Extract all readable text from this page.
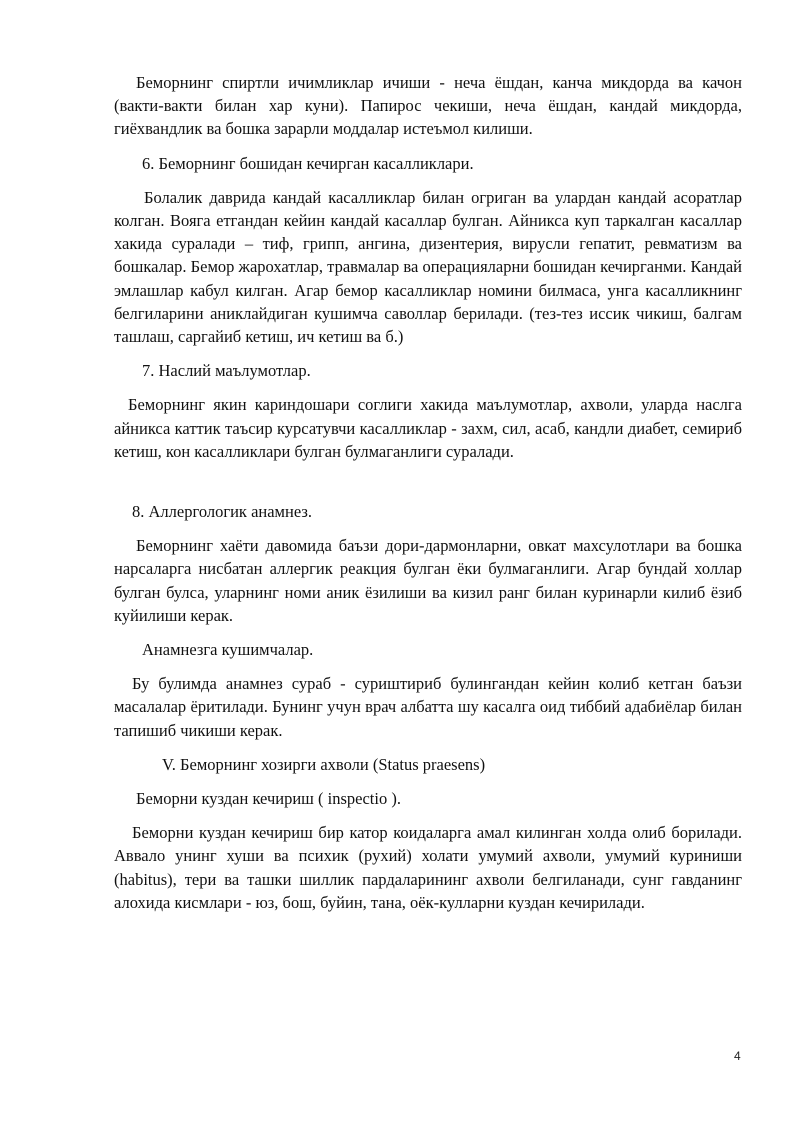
Беморнинг спиртли ичимликлар ичиши - неча ёшдан, канча микдорда ва качон (вакти-вакти билан хар куни). Папирос чекиши, неча ёшдан, кандай микдорда, гиёхвандлик ва бошка зарарли моддалар истеъмол килиши.

6. Беморнинг бошидан кечирган касалликлари.

Болалик даврида кандай касалликлар билан огриган ва улардан кандай асоратлар колган. Вояга етгандан кейин кандай касаллар булган. Айникса куп таркалган касаллар хакида суралади – тиф, грипп, ангина, дизентерия, вирусли гепатит, ревматизм ва бошкалар. Бемор жарохатлар, травмалар ва операцияларни бошидан кечирганми. Кандай эмлашлар кабул килган. Агар бемор касалликлар номини билмаса, унга касалликнинг белгиларини аниклайдиган кушимча саволлар берилади. (тез-тез иссик чикиш, балгам ташлаш, саргайиб кетиш, ич кетиш ва б.)

7. Наслий маълумотлар.

Беморнинг якин кариндошари соглиги хакида маълумотлар, ахволи, уларда наслга айникса каттик таъсир курсатувчи касалликлар - захм, сил, асаб, кандли диабет, семириб кетиш, кон касалликлари булган булмаганлиги суралади.

8. Аллергологик анамнез.

Беморнинг хаёти давомида баъзи дори-дармонларни, овкат махсулотлари ва бошка нарсаларга нисбатан аллергик реакция булган ёки булмаганлиги. Агар бундай холлар булган булса, уларнинг номи аник ёзилиши ва кизил ранг билан куринарли килиб ёзиб куйилиши керак.

Анамнезга кушимчалар.

Бу булимда анамнез сураб - суриштириб булингандан кейин колиб кетган баъзи масалалар ёритилади. Бунинг учун врач албатта шу касалга оид тиббий адабиёлар билан тапишиб чикиши керак.

V. Беморнинг хозирги ахволи (Status praesens)

Беморни куздан кечириш ( inspectio ).

Беморни куздан кечириш бир катор коидаларга амал килинган холда олиб борилади. Аввало унинг хуши ва психик (рухий) холати умумий ахволи, умумий куриниши (habitus), тери ва ташки шиллик пардаларининг ахволи белгиланади, сунг гавданинг алохида кисмлари - юз, бош, буйин, тана, оёк-кулларни куздан кечирилади.

4
